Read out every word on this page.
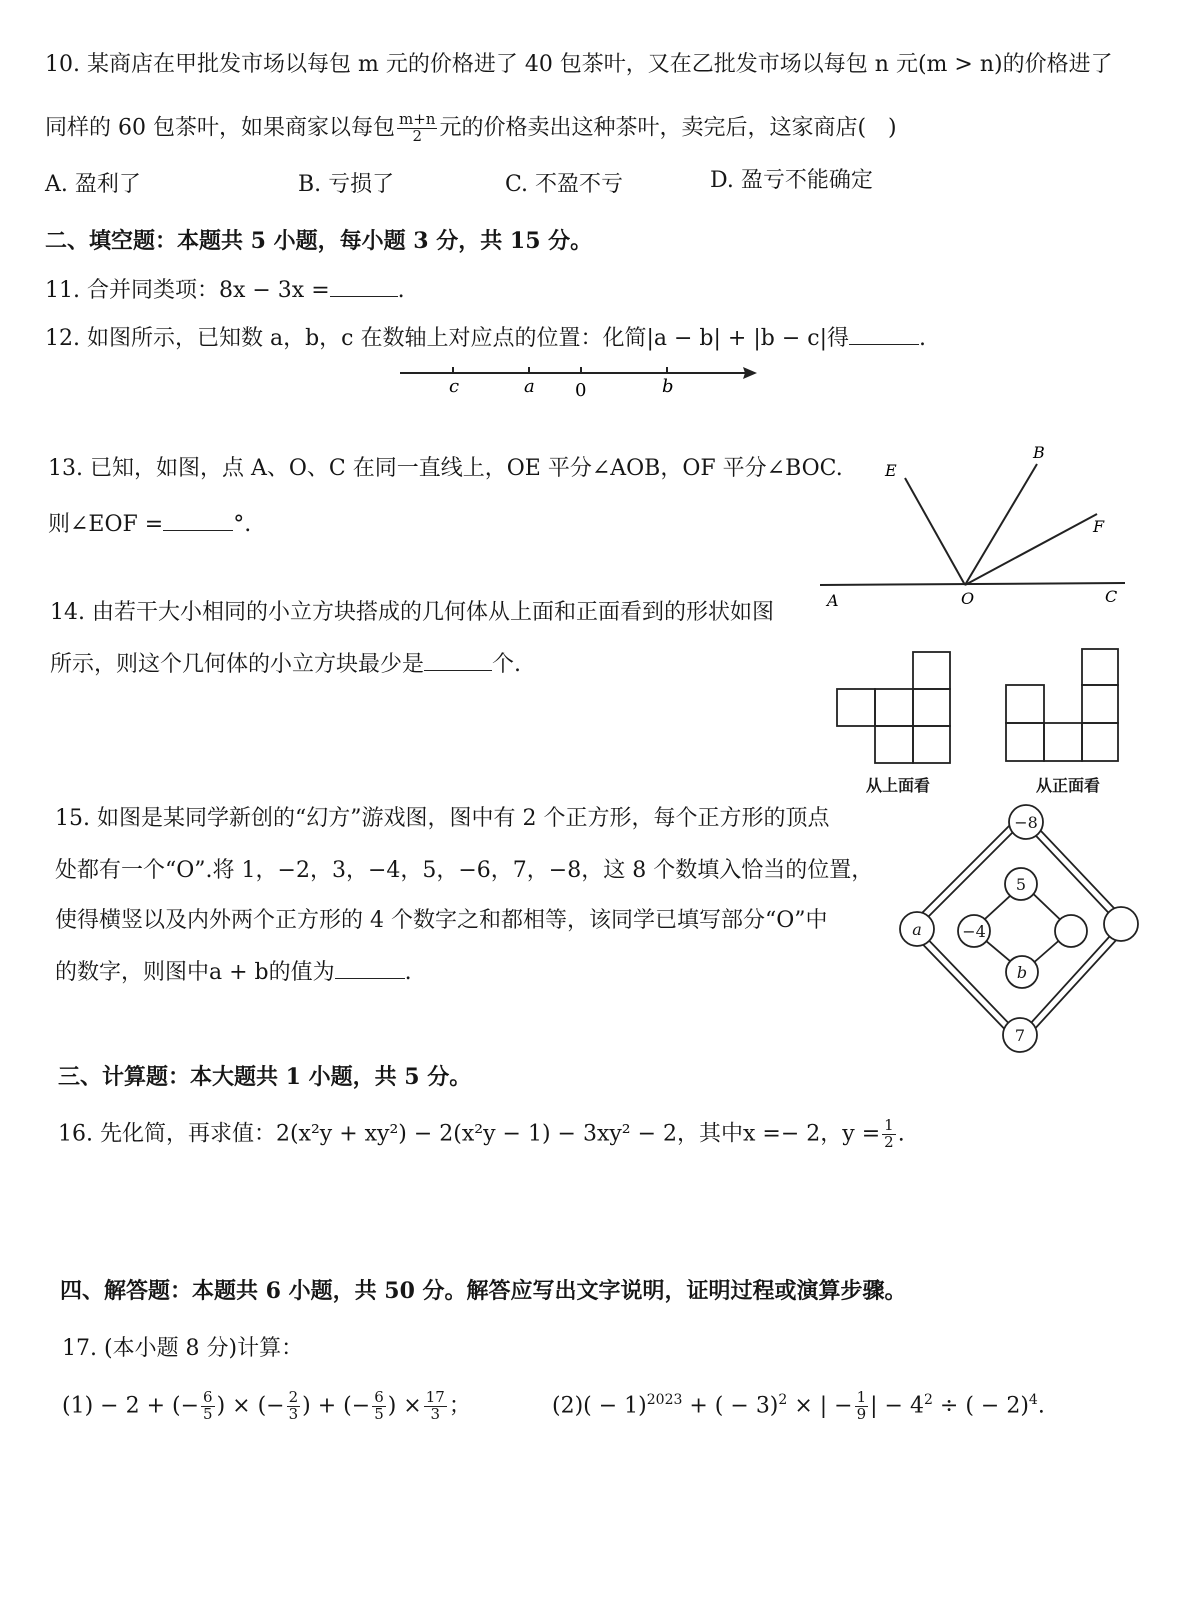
10. 某商店在甲批发市场以每包 m 元的价格进了 40 包茶叶，又在乙批发市场以每包 n 元(m > n)的价格进了
同样的 60 包茶叶，如果商家以每包 $\frac{m+n}{2}$ 元的价格卖出这种茶叶，卖完后，这家商店(　)
A. 盈利了	B. 亏损了	C. 不盈不亏	D. 盈亏不能确定
二、填空题：本题共 5 小题，每小题 3 分，共 15 分。
11. 合并同类项：8x − 3x =	.
12. 如图所示，已知数 a，b，c 在数轴上对应点的位置：化简|a − b| + |b − c|得	.
c	a 0	b
13. 已知，如图，点 A、O、C 在同一直线上，OE 平分∠AOB，OF 平分∠BOC.
则∠EOF =	°.
E
B
F
A	O	C
14. 由若干大小相同的小立方块搭成的几何体从上面和正面看到的形状如图
所示，则这个几何体的小立方块最少是	个.
从上面看	从正面看
15. 如图是某同学新创的“幻方”游戏图，图中有 2 个正方形，每个正方形的顶点
处都有一个“O”.将 1，−2，3，−4，5，−6，7，−8，这 8 个数填入恰当的位置，
使得横竖以及内外两个正方形的 4 个数字之和都相等，该同学已填写部分“O”中
的数字，则图中a + b的值为	.
−8
a
7
5
−4
b
三、计算题：本大题共 1 小题，共 5 分。
16. 先化简，再求值：2(x²y + xy²) − 2(x²y − 1) − 3xy² − 2，其中x =− 2，$y = \frac{1}{2}$ .
四、解答题：本题共 6 小题，共 50 分。解答应写出文字说明，证明过程或演算步骤。
17. (本小题 8 分)计算：
(1) − 2 + (− $\frac{6}{5}$ ) × (− $\frac{2}{3}$ ) + (− $\frac{6}{5}$ ) × $\frac{17}{3}$ ；	$(2)( - 1)^{2023}$ + ( − 3)$^2$ × | − $\frac{1}{9}$ | − $4^2$ ÷ ( − 2)$^4$.
